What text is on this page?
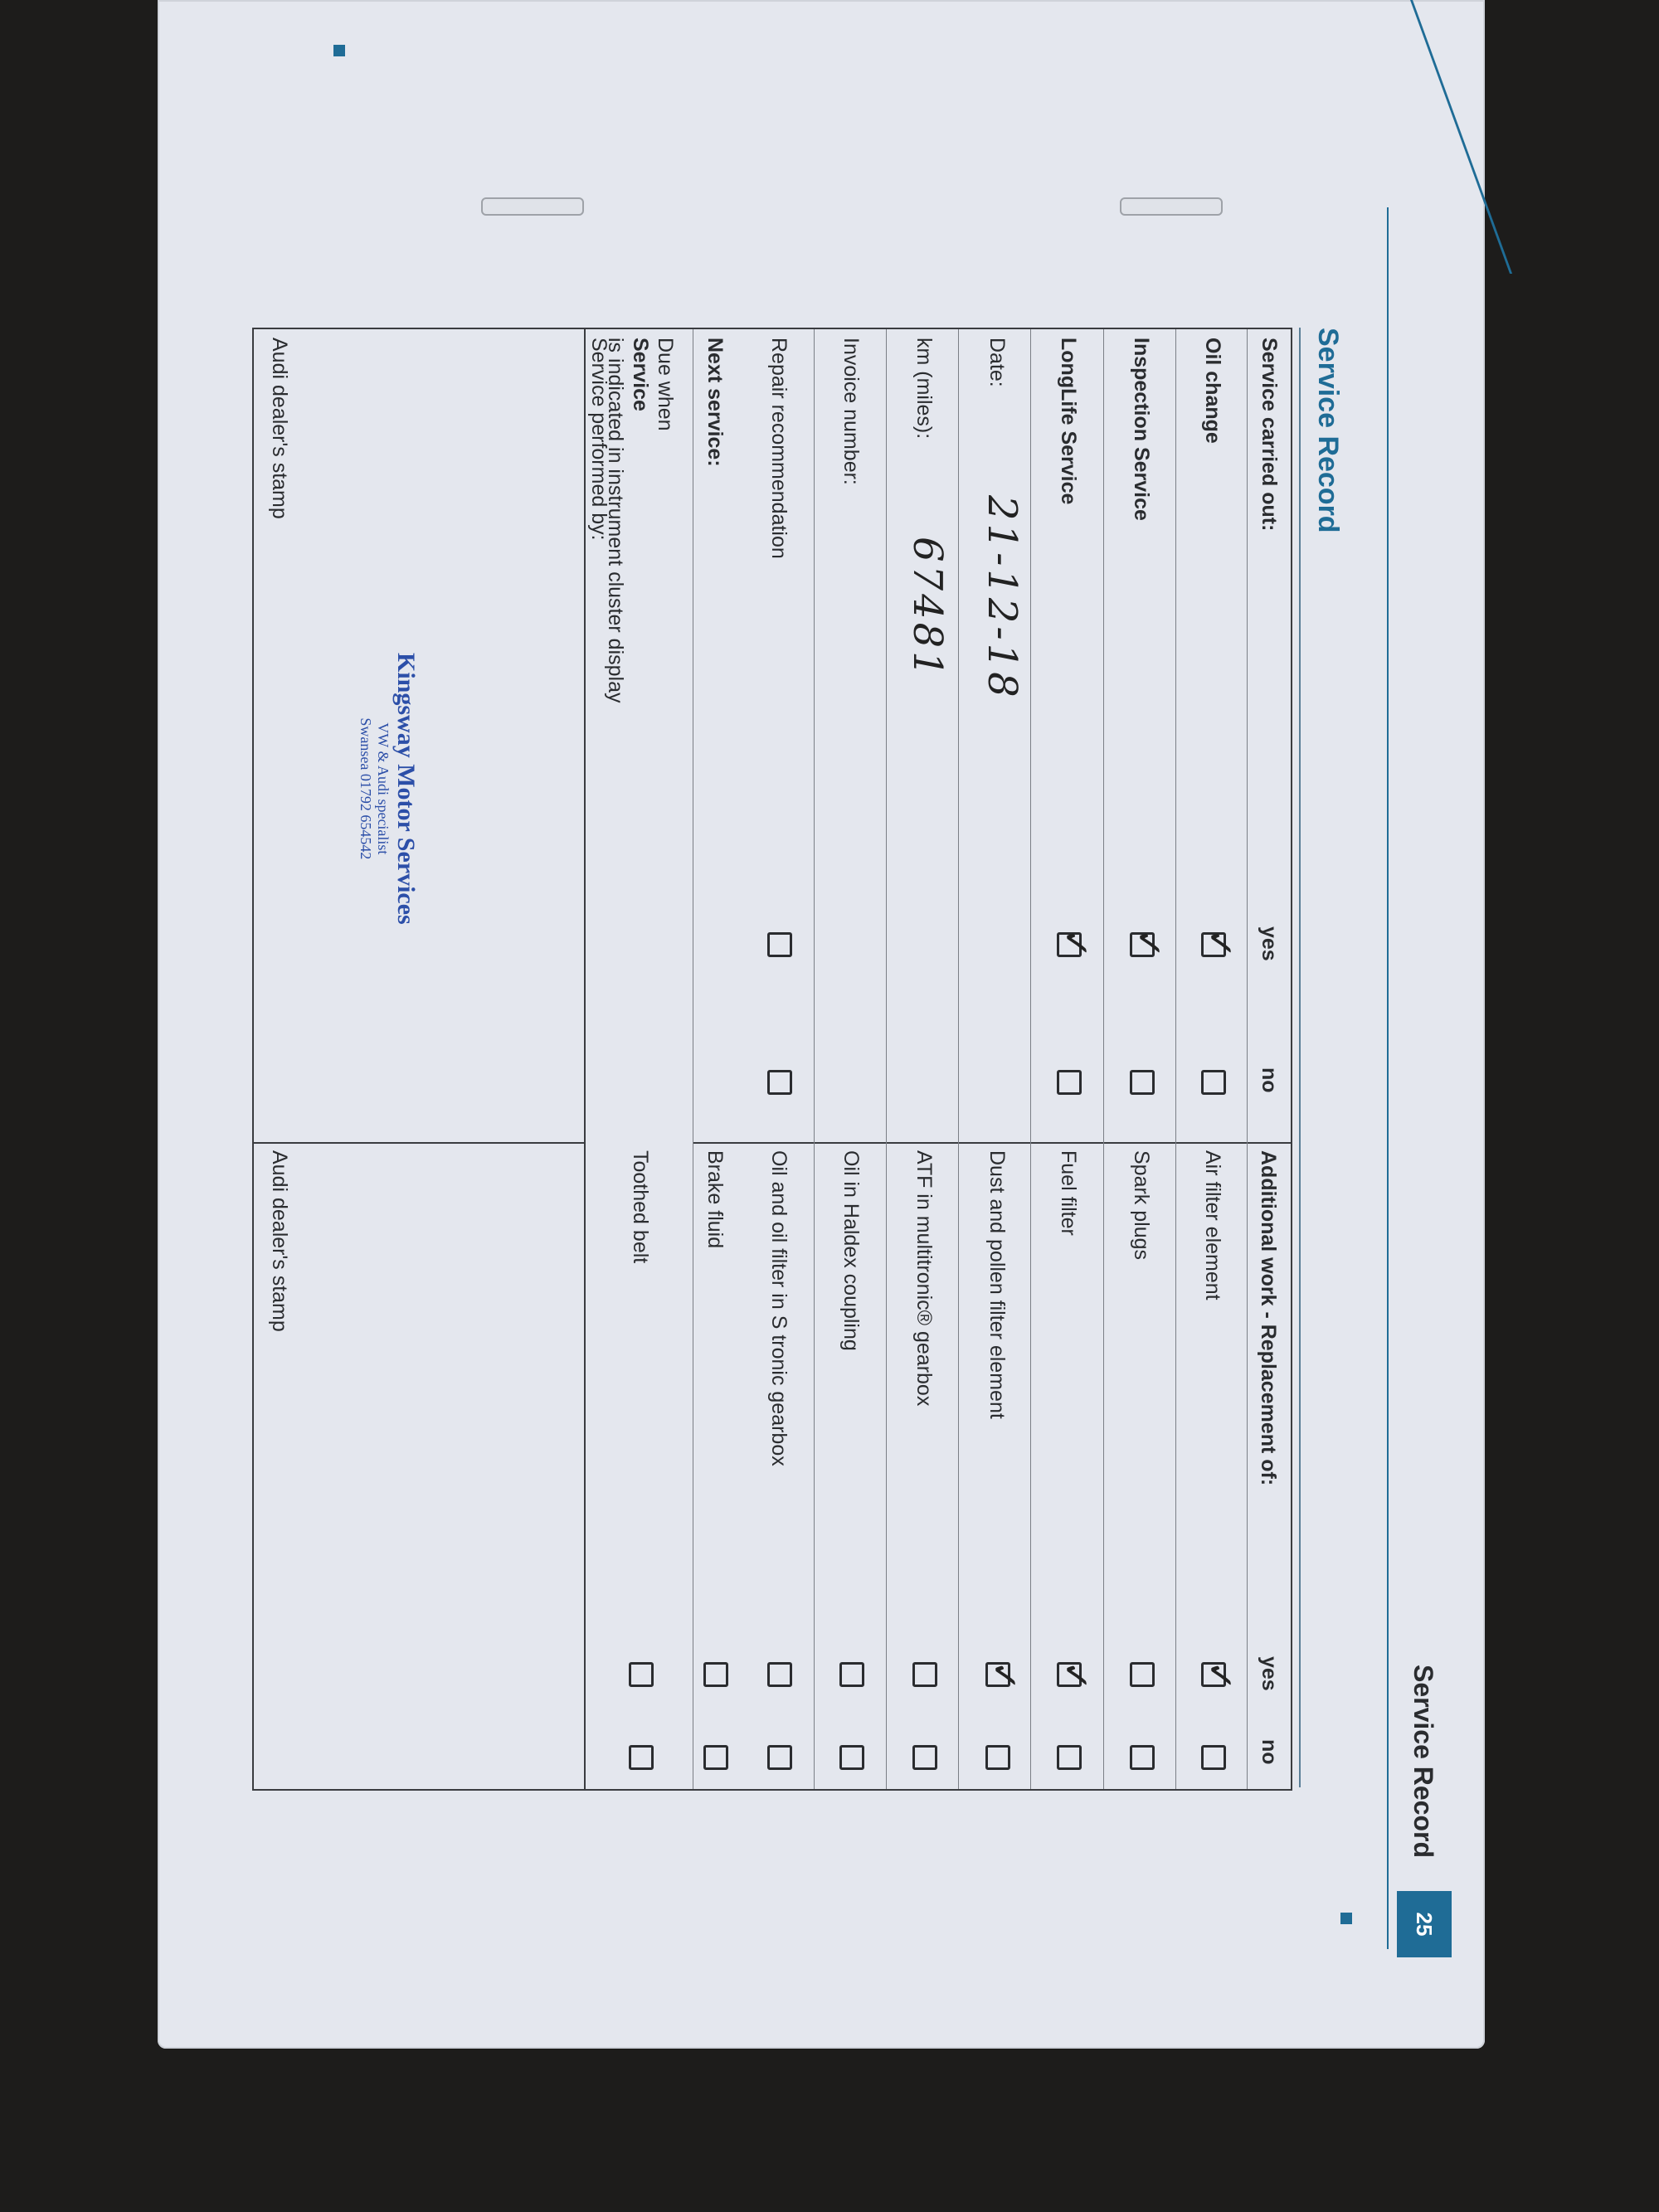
25
Service Record
Service Record
Service carried out:
yes
no
Oil change
✓
Inspection Service
✓
LongLife Service
✓
Date:
21-12-18
km (miles):
67481
Invoice number:
Repair recommendation
Next service:
Due when
Service
is indicated in instrument cluster display
Service performed by:
Kingsway Motor Services
VW & Audi specialist
Swansea 01792 654542
Audi dealer's stamp
Audi dealer's stamp	Additional work - Replacement of:
yes
no
Air filter element
✓
Spark plugs
Fuel filter
✓
Dust and pollen filter element
✓
ATF in multitronic® gearbox
Oil in Haldex coupling
Oil and oil filter in S tronic gearbox
Brake fluid
Toothed belt
